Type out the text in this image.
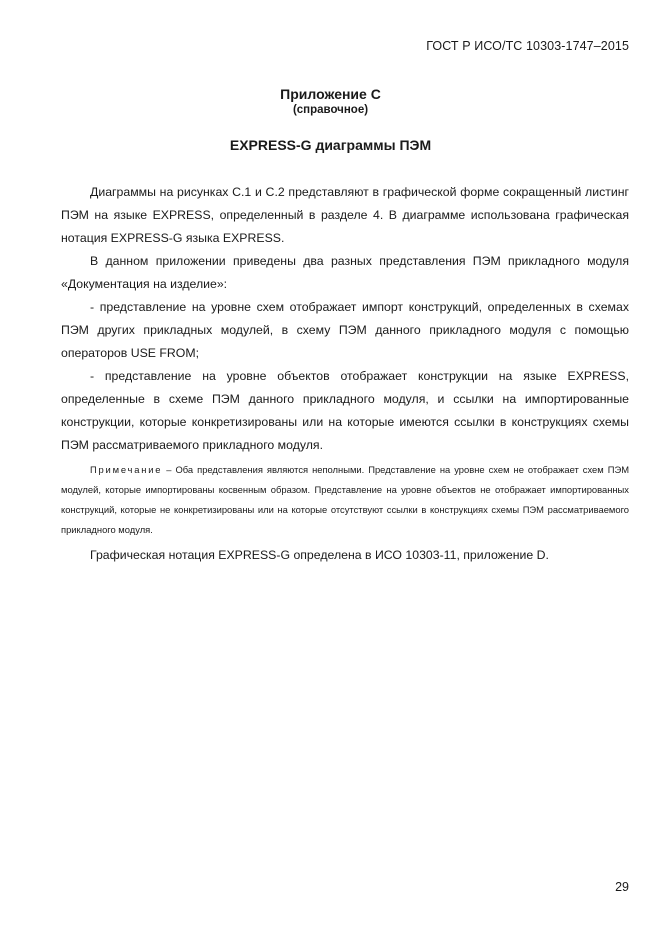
ГОСТ Р ИСО/ТС 10303-1747–2015
Приложение С
(справочное)
EXPRESS-G диаграммы ПЭМ

Диаграммы на рисунках С.1 и С.2 представляют в графической форме сокращенный листинг ПЭМ на языке EXPRESS, определенный в разделе 4. В диаграмме использована графическая нотация EXPRESS-G языка EXPRESS.

В данном приложении приведены два разных представления ПЭМ прикладного модуля «Документация на изделие»:

- представление на уровне схем отображает импорт конструкций, определенных в схемах ПЭМ других прикладных модулей, в схему ПЭМ данного прикладного модуля с помощью операторов USE FROM;

- представление на уровне объектов отображает конструкции на языке EXPRESS, определенные в схеме ПЭМ данного прикладного модуля, и ссылки на импортированные конструкции, которые конкретизированы или на которые имеются ссылки в конструкциях схемы ПЭМ рассматриваемого прикладного модуля.

Примечание – Оба представления являются неполными. Представление на уровне схем не отображает схем ПЭМ модулей, которые импортированы косвенным образом. Представление на уровне объектов не отображает импортированных конструкций, которые не конкретизированы или на которые отсутствуют ссылки в конструкциях схемы ПЭМ рассматриваемого прикладного модуля.

Графическая нотация EXPRESS-G определена в ИСО 10303-11, приложение D.

29
